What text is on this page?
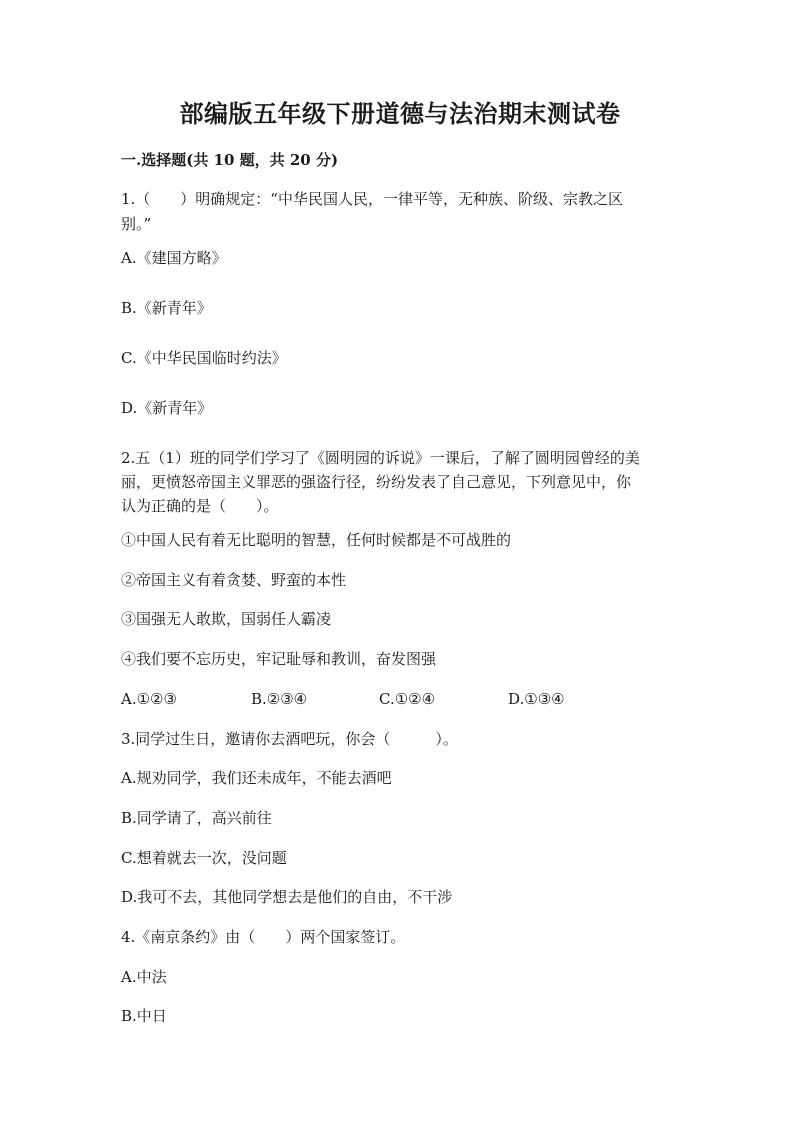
部编版五年级下册道德与法治期末测试卷
一.选择题(共 10 题，共 20 分)
1.（　　）明确规定：“中华民国人民，一律平等，无种族、阶级、宗教之区
别。”
A.《建国方略》
B.《新青年》
C.《中华民国临时约法》
D.《新青年》
2.五（1）班的同学们学习了《圆明园的诉说》一课后，了解了圆明园曾经的美
丽，更愤怒帝国主义罪恶的强盗行径，纷纷发表了自己意见，下列意见中，你
认为正确的是（　　）。
①中国人民有着无比聪明的智慧，任何时候都是不可战胜的
②帝国主义有着贪婪、野蛮的本性
③国强无人敢欺，国弱任人霸凌
④我们要不忘历史，牢记耻辱和教训，奋发图强
A.①②③	B.②③④	C.①②④	D.①③④
3.同学过生日，邀请你去酒吧玩，你会（　　　）。
A.规劝同学，我们还未成年，不能去酒吧
B.同学请了，高兴前往
C.想着就去一次，没问题
D.我可不去，其他同学想去是他们的自由，不干涉
4.《南京条约》由（　　）两个国家签订。
A.中法
B.中日
